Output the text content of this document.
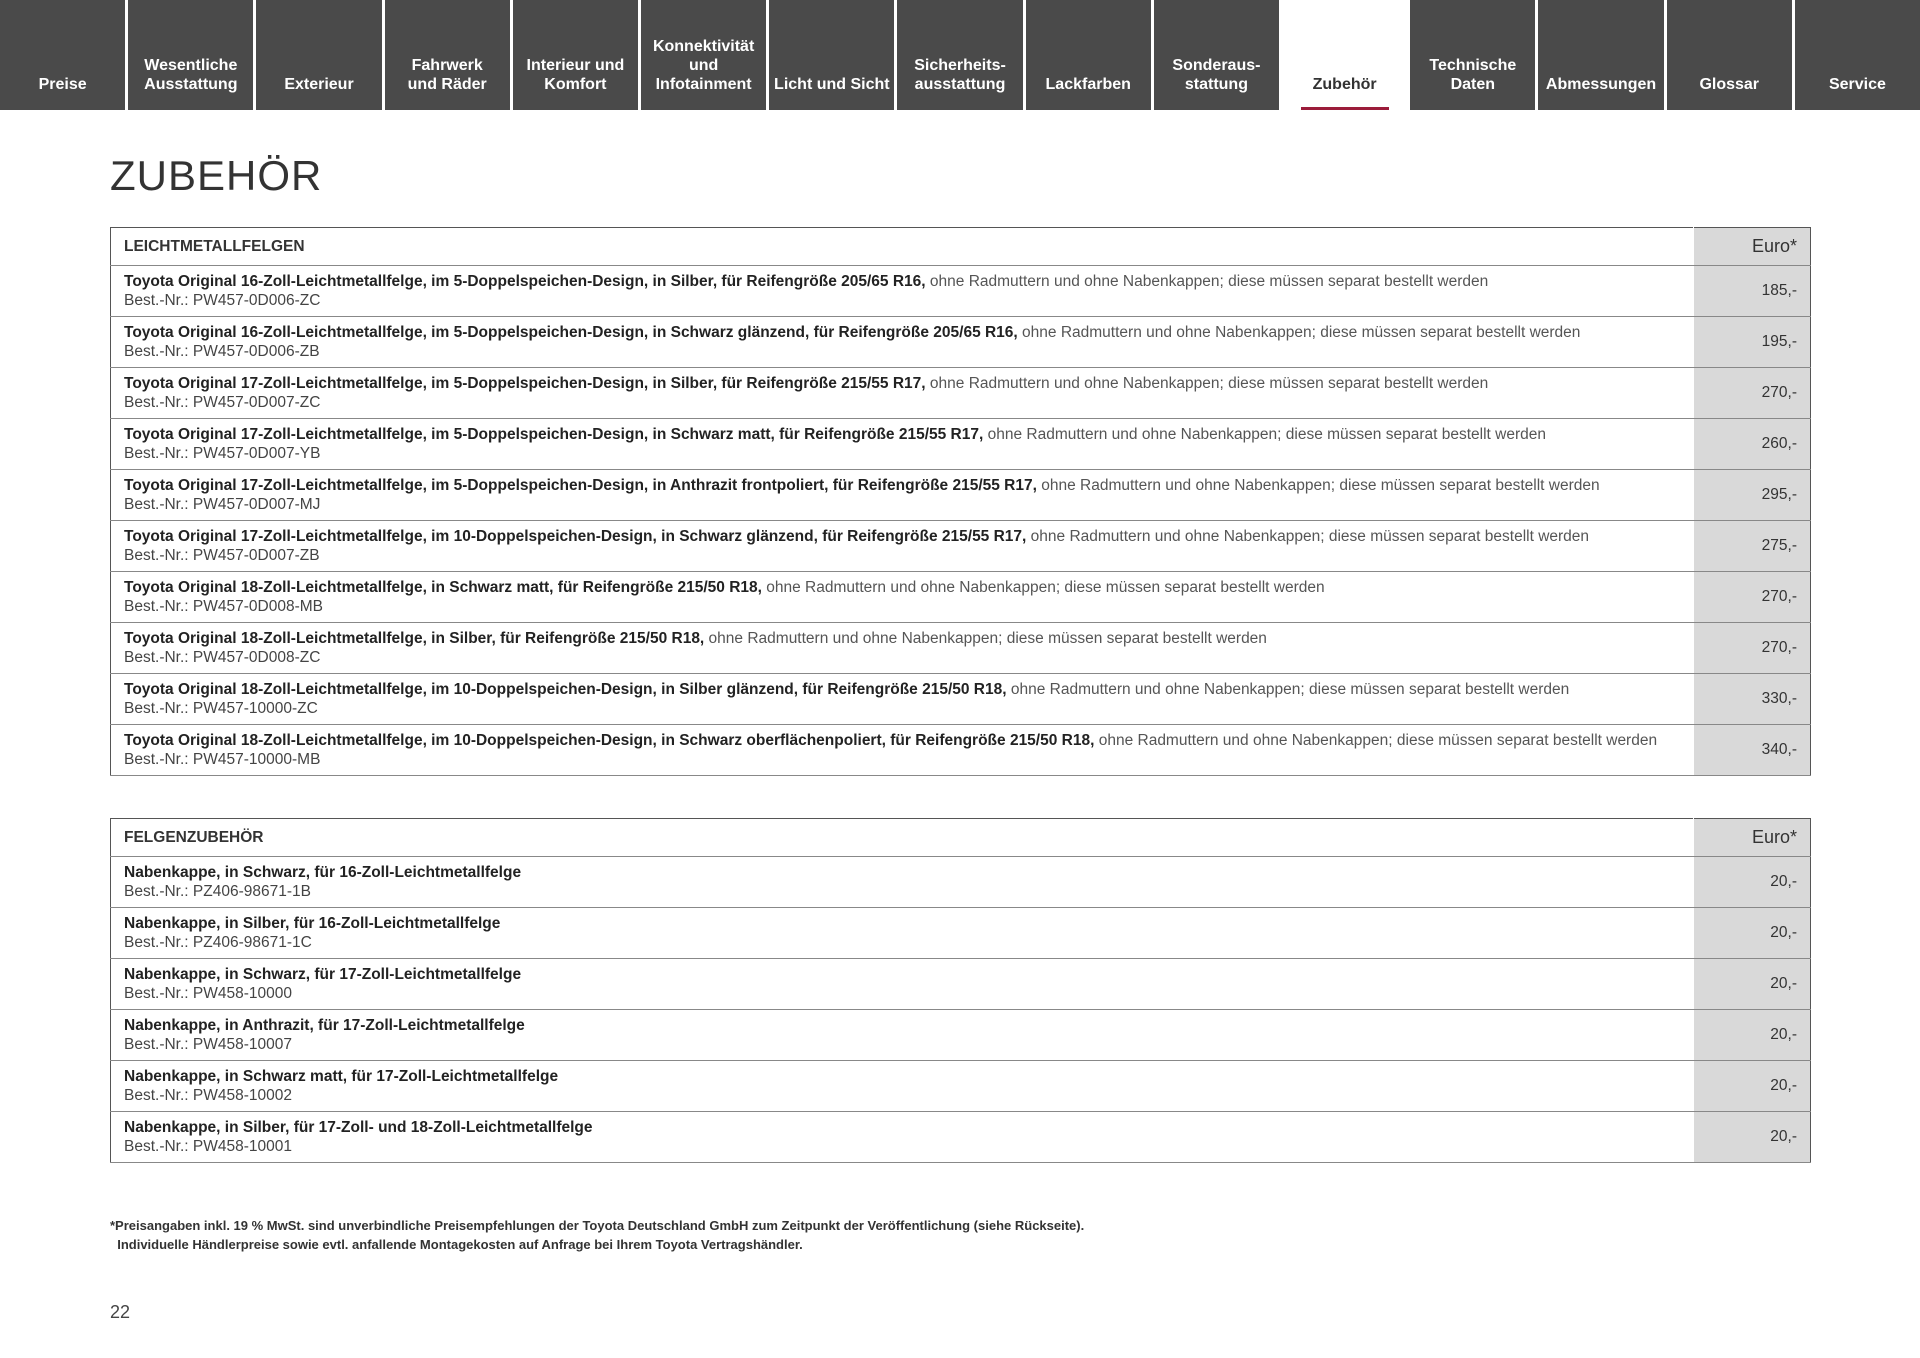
Preise
Wesentliche
Ausstattung	Exterieur
Fahrwerk
und Räder
Interieur und
Komfort
Konnektivität
und
Infotainment	Licht und Sicht
Sicherheits-
ausstattung	Lackfarben
Sonderaus-
stattung	Zubehör
Technische
Daten	Abmessungen	Glossar	Service
ZUBEHÖR
LEICHTMETALLFELGEN	Euro*
Toyota Original 16-Zoll-Leichtmetallfelge, im 5-Doppelspeichen-Design, in Silber, für Reifengröße 205/65 R16, ohne Radmuttern und ohne Nabenkappen; diese müssen separat bestellt werden
Best.-Nr.: PW457-0D006-ZC	185,-
Toyota Original 16-Zoll-Leichtmetallfelge, im 5-Doppelspeichen-Design, in Schwarz glänzend, für Reifengröße 205/65 R16, ohne Radmuttern und ohne Nabenkappen; diese müssen separat bestellt werden
Best.-Nr.: PW457-0D006-ZB	195,-
Toyota Original 17-Zoll-Leichtmetallfelge, im 5-Doppelspeichen-Design, in Silber, für Reifengröße 215/55 R17, ohne Radmuttern und ohne Nabenkappen; diese müssen separat bestellt werden
Best.-Nr.: PW457-0D007-ZC	270,-
Toyota Original 17-Zoll-Leichtmetallfelge, im 5-Doppelspeichen-Design, in Schwarz matt, für Reifengröße 215/55 R17, ohne Radmuttern und ohne Nabenkappen; diese müssen separat bestellt werden
Best.-Nr.: PW457-0D007-YB	260,-
Toyota Original 17-Zoll-Leichtmetallfelge, im 5-Doppelspeichen-Design, in Anthrazit frontpoliert, für Reifengröße 215/55 R17, ohne Radmuttern und ohne Nabenkappen; diese müssen separat bestellt werden
Best.-Nr.: PW457-0D007-MJ	295,-
Toyota Original 17-Zoll-Leichtmetallfelge, im 10-Doppelspeichen-Design, in Schwarz glänzend, für Reifengröße 215/55 R17, ohne Radmuttern und ohne Nabenkappen; diese müssen separat bestellt werden
Best.-Nr.: PW457-0D007-ZB	275,-
Toyota Original 18-Zoll-Leichtmetallfelge, in Schwarz matt, für Reifengröße 215/50 R18, ohne Radmuttern und ohne Nabenkappen; diese müssen separat bestellt werden
Best.-Nr.: PW457-0D008-MB	270,-
Toyota Original 18-Zoll-Leichtmetallfelge, in Silber, für Reifengröße 215/50 R18, ohne Radmuttern und ohne Nabenkappen; diese müssen separat bestellt werden
Best.-Nr.: PW457-0D008-ZC	270,-
Toyota Original 18-Zoll-Leichtmetallfelge, im 10-Doppelspeichen-Design, in Silber glänzend, für Reifengröße 215/50 R18, ohne Radmuttern und ohne Nabenkappen; diese müssen separat bestellt werden
Best.-Nr.: PW457-10000-ZC	330,-
Toyota Original 18-Zoll-Leichtmetallfelge, im 10-Doppelspeichen-Design, in Schwarz oberflächenpoliert, für Reifengröße 215/50 R18, ohne Radmuttern und ohne Nabenkappen; diese müssen separat bestellt werden
Best.-Nr.: PW457-10000-MB	340,-
FELGENZUBEHÖR	Euro*
Nabenkappe, in Schwarz, für 16-Zoll-Leichtmetallfelge
Best.-Nr.: PZ406-98671-1B	20,-
Nabenkappe, in Silber, für 16-Zoll-Leichtmetallfelge
Best.-Nr.: PZ406-98671-1C	20,-
Nabenkappe, in Schwarz, für 17-Zoll-Leichtmetallfelge
Best.-Nr.: PW458-10000	20,-
Nabenkappe, in Anthrazit, für 17-Zoll-Leichtmetallfelge
Best.-Nr.: PW458-10007	20,-
Nabenkappe, in Schwarz matt, für 17-Zoll-Leichtmetallfelge
Best.-Nr.: PW458-10002	20,-
Nabenkappe, in Silber, für 17-Zoll- und 18-Zoll-Leichtmetallfelge
Best.-Nr.: PW458-10001	20,-
*Preisangaben inkl. 19 % MwSt. sind unverbindliche Preisempfehlungen der Toyota Deutschland GmbH zum Zeitpunkt der Veröffentlichung (siehe Rückseite).
Individuelle Händlerpreise sowie evtl. anfallende Montagekosten auf Anfrage bei Ihrem Toyota Vertragshändler.
22
